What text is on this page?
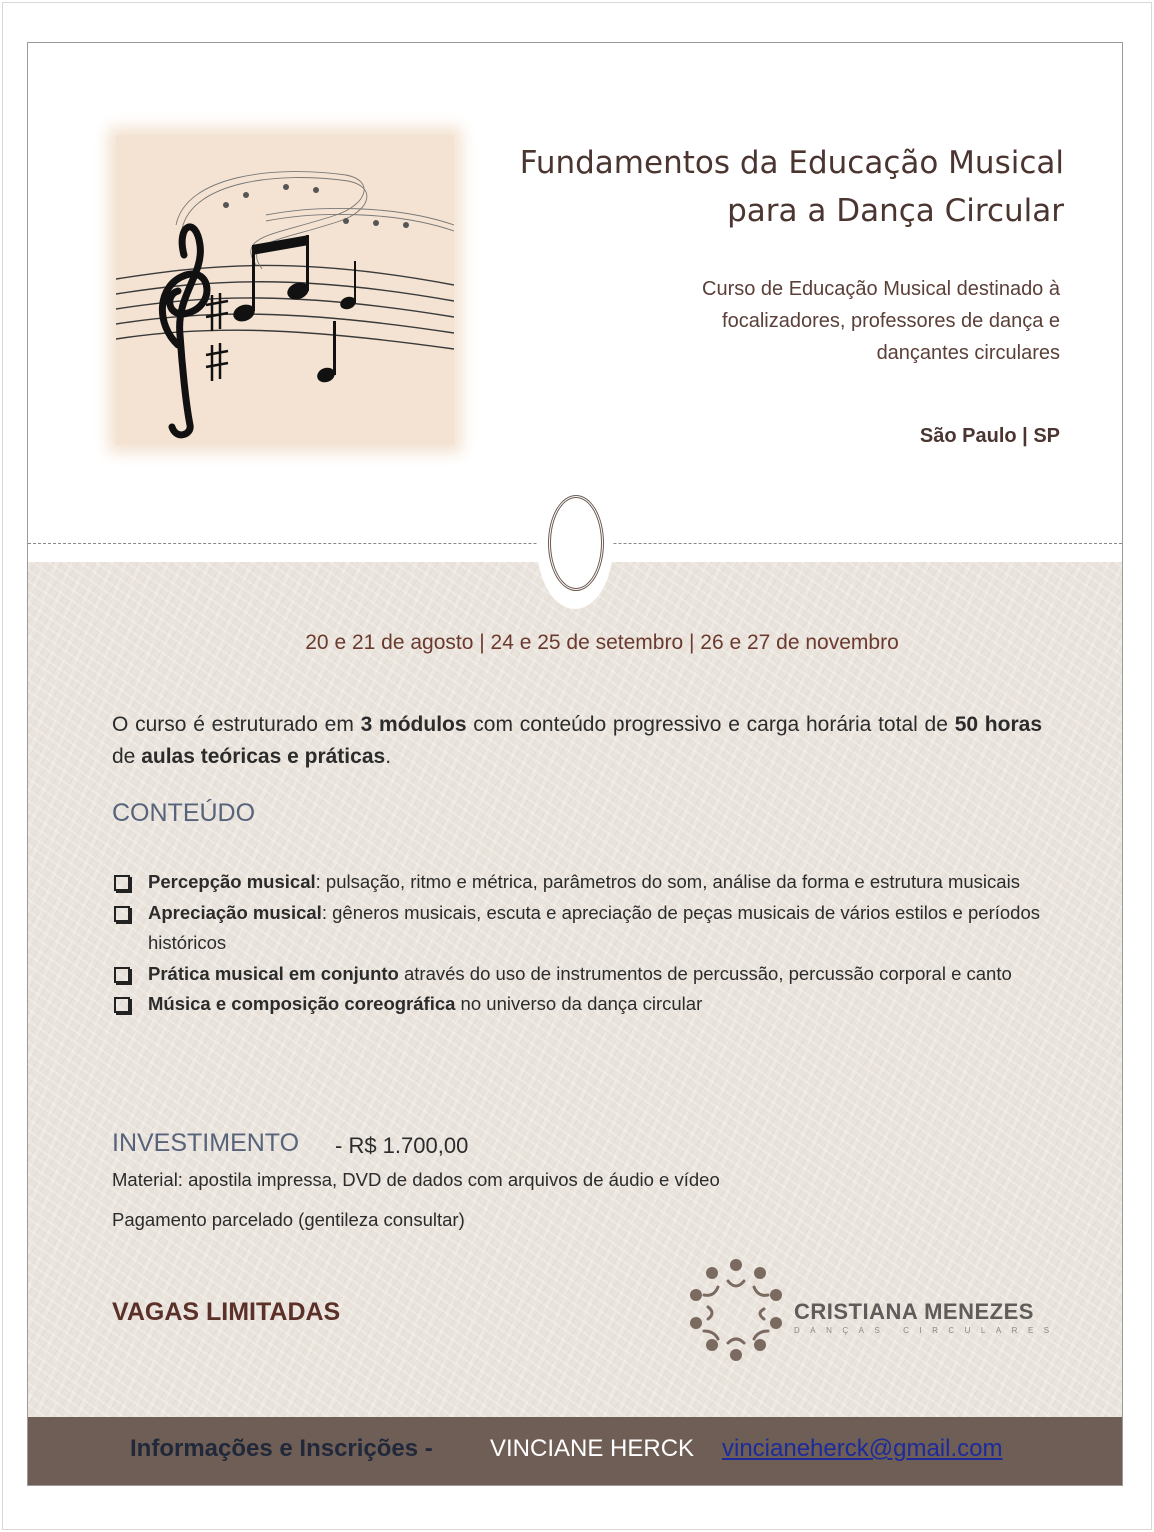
Fundamentos da Educação Musical
para a Dança Circular
Curso de Educação Musical destinado à
focalizadores, professores de dança e
dançantes circulares
São Paulo | SP
20 e 21 de agosto | 24 e 25 de setembro | 26 e 27 de novembro
O curso é estruturado em 3 módulos com conteúdo progressivo e carga horária total de 50 horas de aulas teóricas e práticas.
CONTEÚDO
Percepção musical: pulsação, ritmo e métrica, parâmetros do som, análise da forma e estrutura musicais
Apreciação musical: gêneros musicais, escuta e apreciação de peças musicais de vários estilos e períodos históricos
Prática musical em conjunto através do uso de instrumentos de percussão, percussão corporal e canto
Música e composição coreográfica no universo da dança circular
INVESTIMENTO - R$ 1.700,00
Material: apostila impressa, DVD de dados com arquivos de áudio e vídeo
Pagamento parcelado (gentileza consultar)
VAGAS LIMITADAS	CRISTIANA MENEZES
DANÇAS CIRCULARES
Informações e Inscrições - VINCIANE HERCK vincianeherck@gmail.com
